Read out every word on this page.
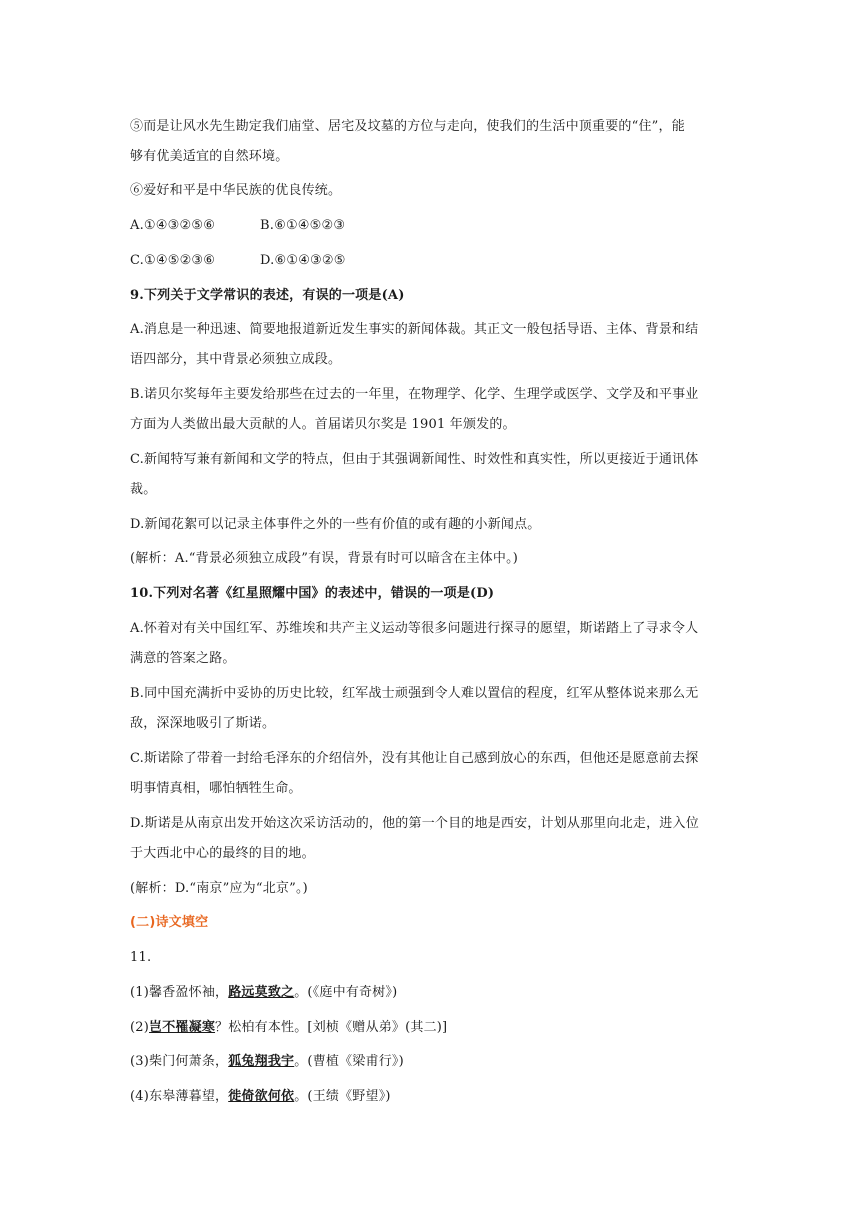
⑤而是让风水先生勘定我们庙堂、居宅及坟墓的方位与走向，使我们的生活中顶重要的“住”，能
够有优美适宜的自然环境。
⑥爱好和平是中华民族的优良传统。
A.①④③②⑤⑥	B.⑥①④⑤②③
C.①④⑤②③⑥	D.⑥①④③②⑤
9.下列关于文学常识的表述，有误的一项是(A)
A.消息是一种迅速、简要地报道新近发生事实的新闻体裁。其正文一般包括导语、主体、背景和结
语四部分，其中背景必须独立成段。
B.诺贝尔奖每年主要发给那些在过去的一年里，在物理学、化学、生理学或医学、文学及和平事业
方面为人类做出最大贡献的人。首届诺贝尔奖是 1901 年颁发的。
C.新闻特写兼有新闻和文学的特点，但由于其强调新闻性、时效性和真实性，所以更接近于通讯体
裁。
D.新闻花絮可以记录主体事件之外的一些有价值的或有趣的小新闻点。
(解析：A.“背景必须独立成段”有误，背景有时可以暗含在主体中。)
10.下列对名著《红星照耀中国》的表述中，错误的一项是(D)
A.怀着对有关中国红军、苏维埃和共产主义运动等很多问题进行探寻的愿望，斯诺踏上了寻求令人
满意的答案之路。
B.同中国充满折中妥协的历史比较，红军战士顽强到令人难以置信的程度，红军从整体说来那么无
敌，深深地吸引了斯诺。
C.斯诺除了带着一封给毛泽东的介绍信外，没有其他让自己感到放心的东西，但他还是愿意前去探
明事情真相，哪怕牺牲生命。
D.斯诺是从南京出发开始这次采访活动的，他的第一个目的地是西安，计划从那里向北走，进入位
于大西北中心的最终的目的地。
(解析：D.“南京”应为“北京”。)
(二)诗文填空
11.
(1)馨香盈怀袖，路远莫致之。(《庭中有奇树》)
(2)岂不罹凝寒？松柏有本性。[刘桢《赠从弟》(其二)]
(3)柴门何萧条，狐兔翔我宇。(曹植《梁甫行》)
(4)东皋薄暮望，徙倚欲何依。(王绩《野望》)
